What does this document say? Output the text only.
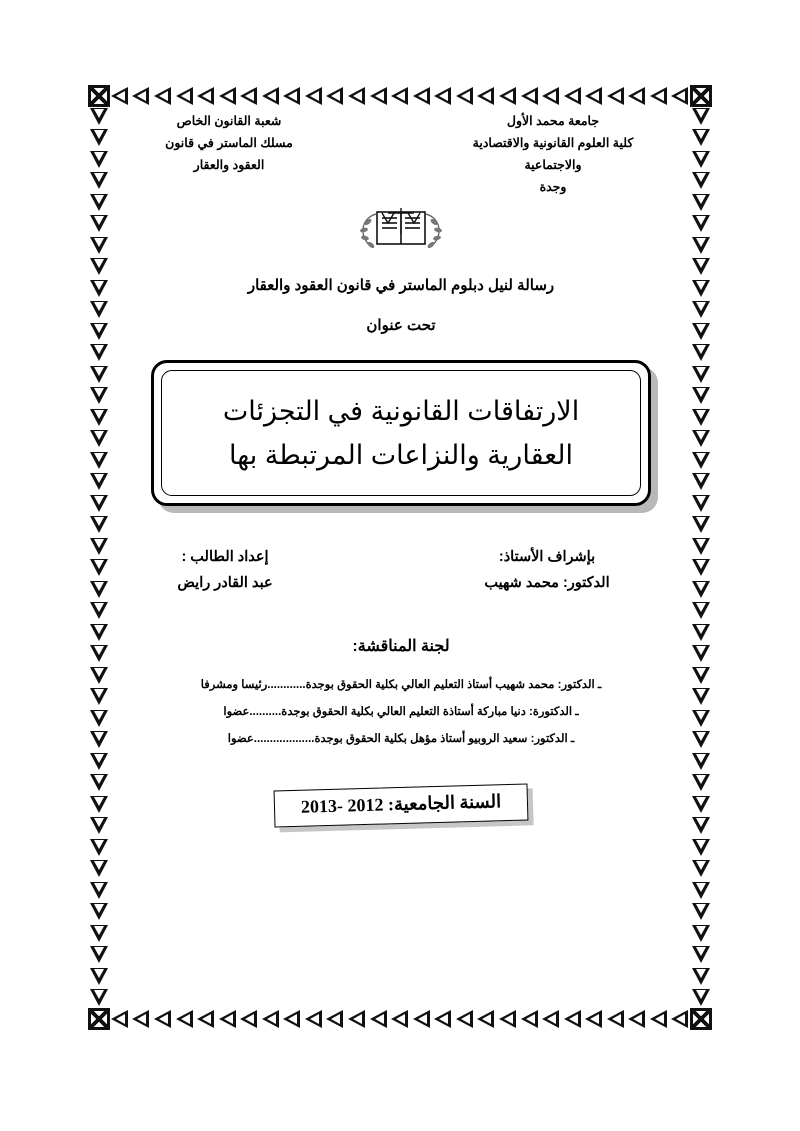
جامعة محمد الأول
كلية العلوم القانونية والاقتصادية
والاجتماعية
وجدة
شعبة القانون الخاص
مسلك الماستر في قانون
العقود والعقار
رسالة لنيل دبلوم الماستر في قانون العقود والعقار
تحت عنوان
الارتفاقات القانونية في التجزئات
العقارية والنزاعات المرتبطة بها
بإشراف الأستاذ:
الدكتور: محمد شهيب
إعداد الطالب :
عبد القادر رايض
لجنة المناقشة:
ـ الدكتور: محمد شهيب أستاذ التعليم العالي بكلية الحقوق بوجدة............رئيسا ومشرفا
ـ الدكتورة: دنيا مباركة أستاذة التعليم العالي بكلية الحقوق بوجدة..........عضوا
ـ الدكتور: سعيد الروبيو أستاذ مؤهل بكلية الحقوق بوجدة...................عضوا
السنة الجامعية: 2012 -2013
